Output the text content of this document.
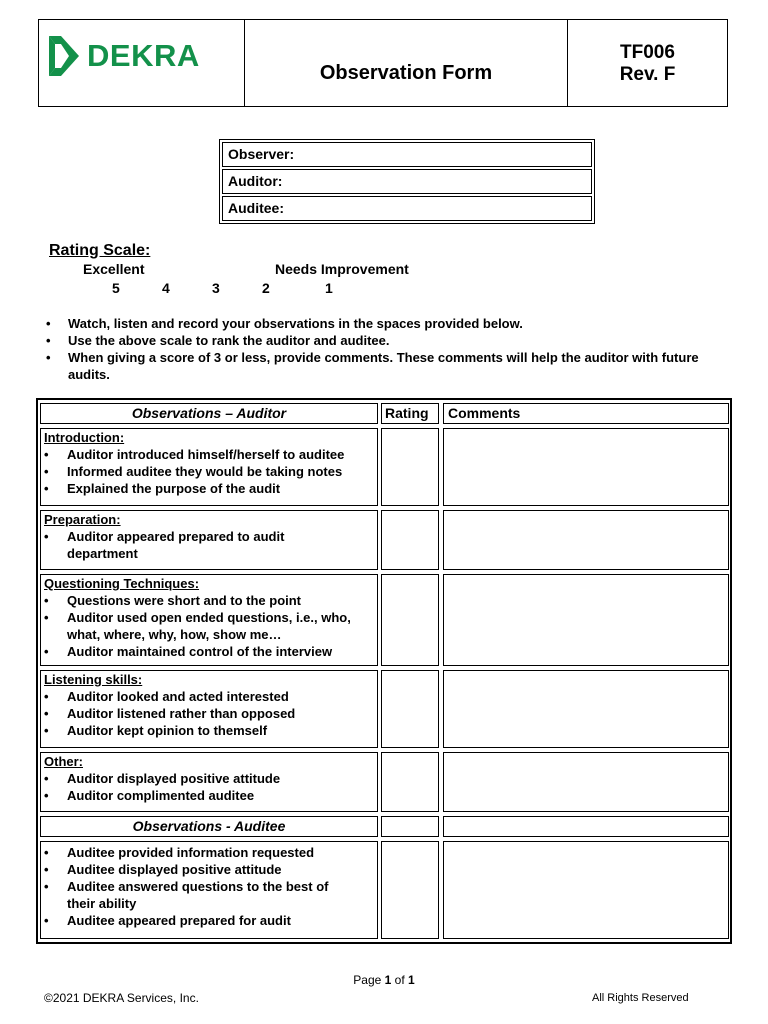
DEKRA	Observation Form
TF006
Rev. F
Observer:
Auditor:
Auditee:
Rating Scale:
Excellent	Needs Improvement
5	4	3	2	1
• Watch, listen and record your observations in the spaces provided below.
• Use the above scale to rank the auditor and auditee.
• When giving a score of 3 or less, provide comments. These comments will help the auditor with future audits.
Observations – Auditor	Rating	Comments
Introduction:
• Auditor introduced himself/herself to auditee
• Informed auditee they would be taking notes
• Explained the purpose of the audit
Preparation:
• Auditor appeared prepared to audit department
Questioning Techniques:
• Questions were short and to the point
• Auditor used open ended questions, i.e., who, what, where, why, how, show me…
• Auditor maintained control of the interview
Listening skills:
• Auditor looked and acted interested
• Auditor listened rather than opposed
• Auditor kept opinion to themself
Other:
• Auditor displayed positive attitude
• Auditor complimented auditee
Observations - Auditee
• Auditee provided information requested
• Auditee displayed positive attitude
• Auditee answered questions to the best of their ability
• Auditee appeared prepared for audit
Page 1 of 1
©2021 DEKRA Services, Inc.	All Rights Reserved
